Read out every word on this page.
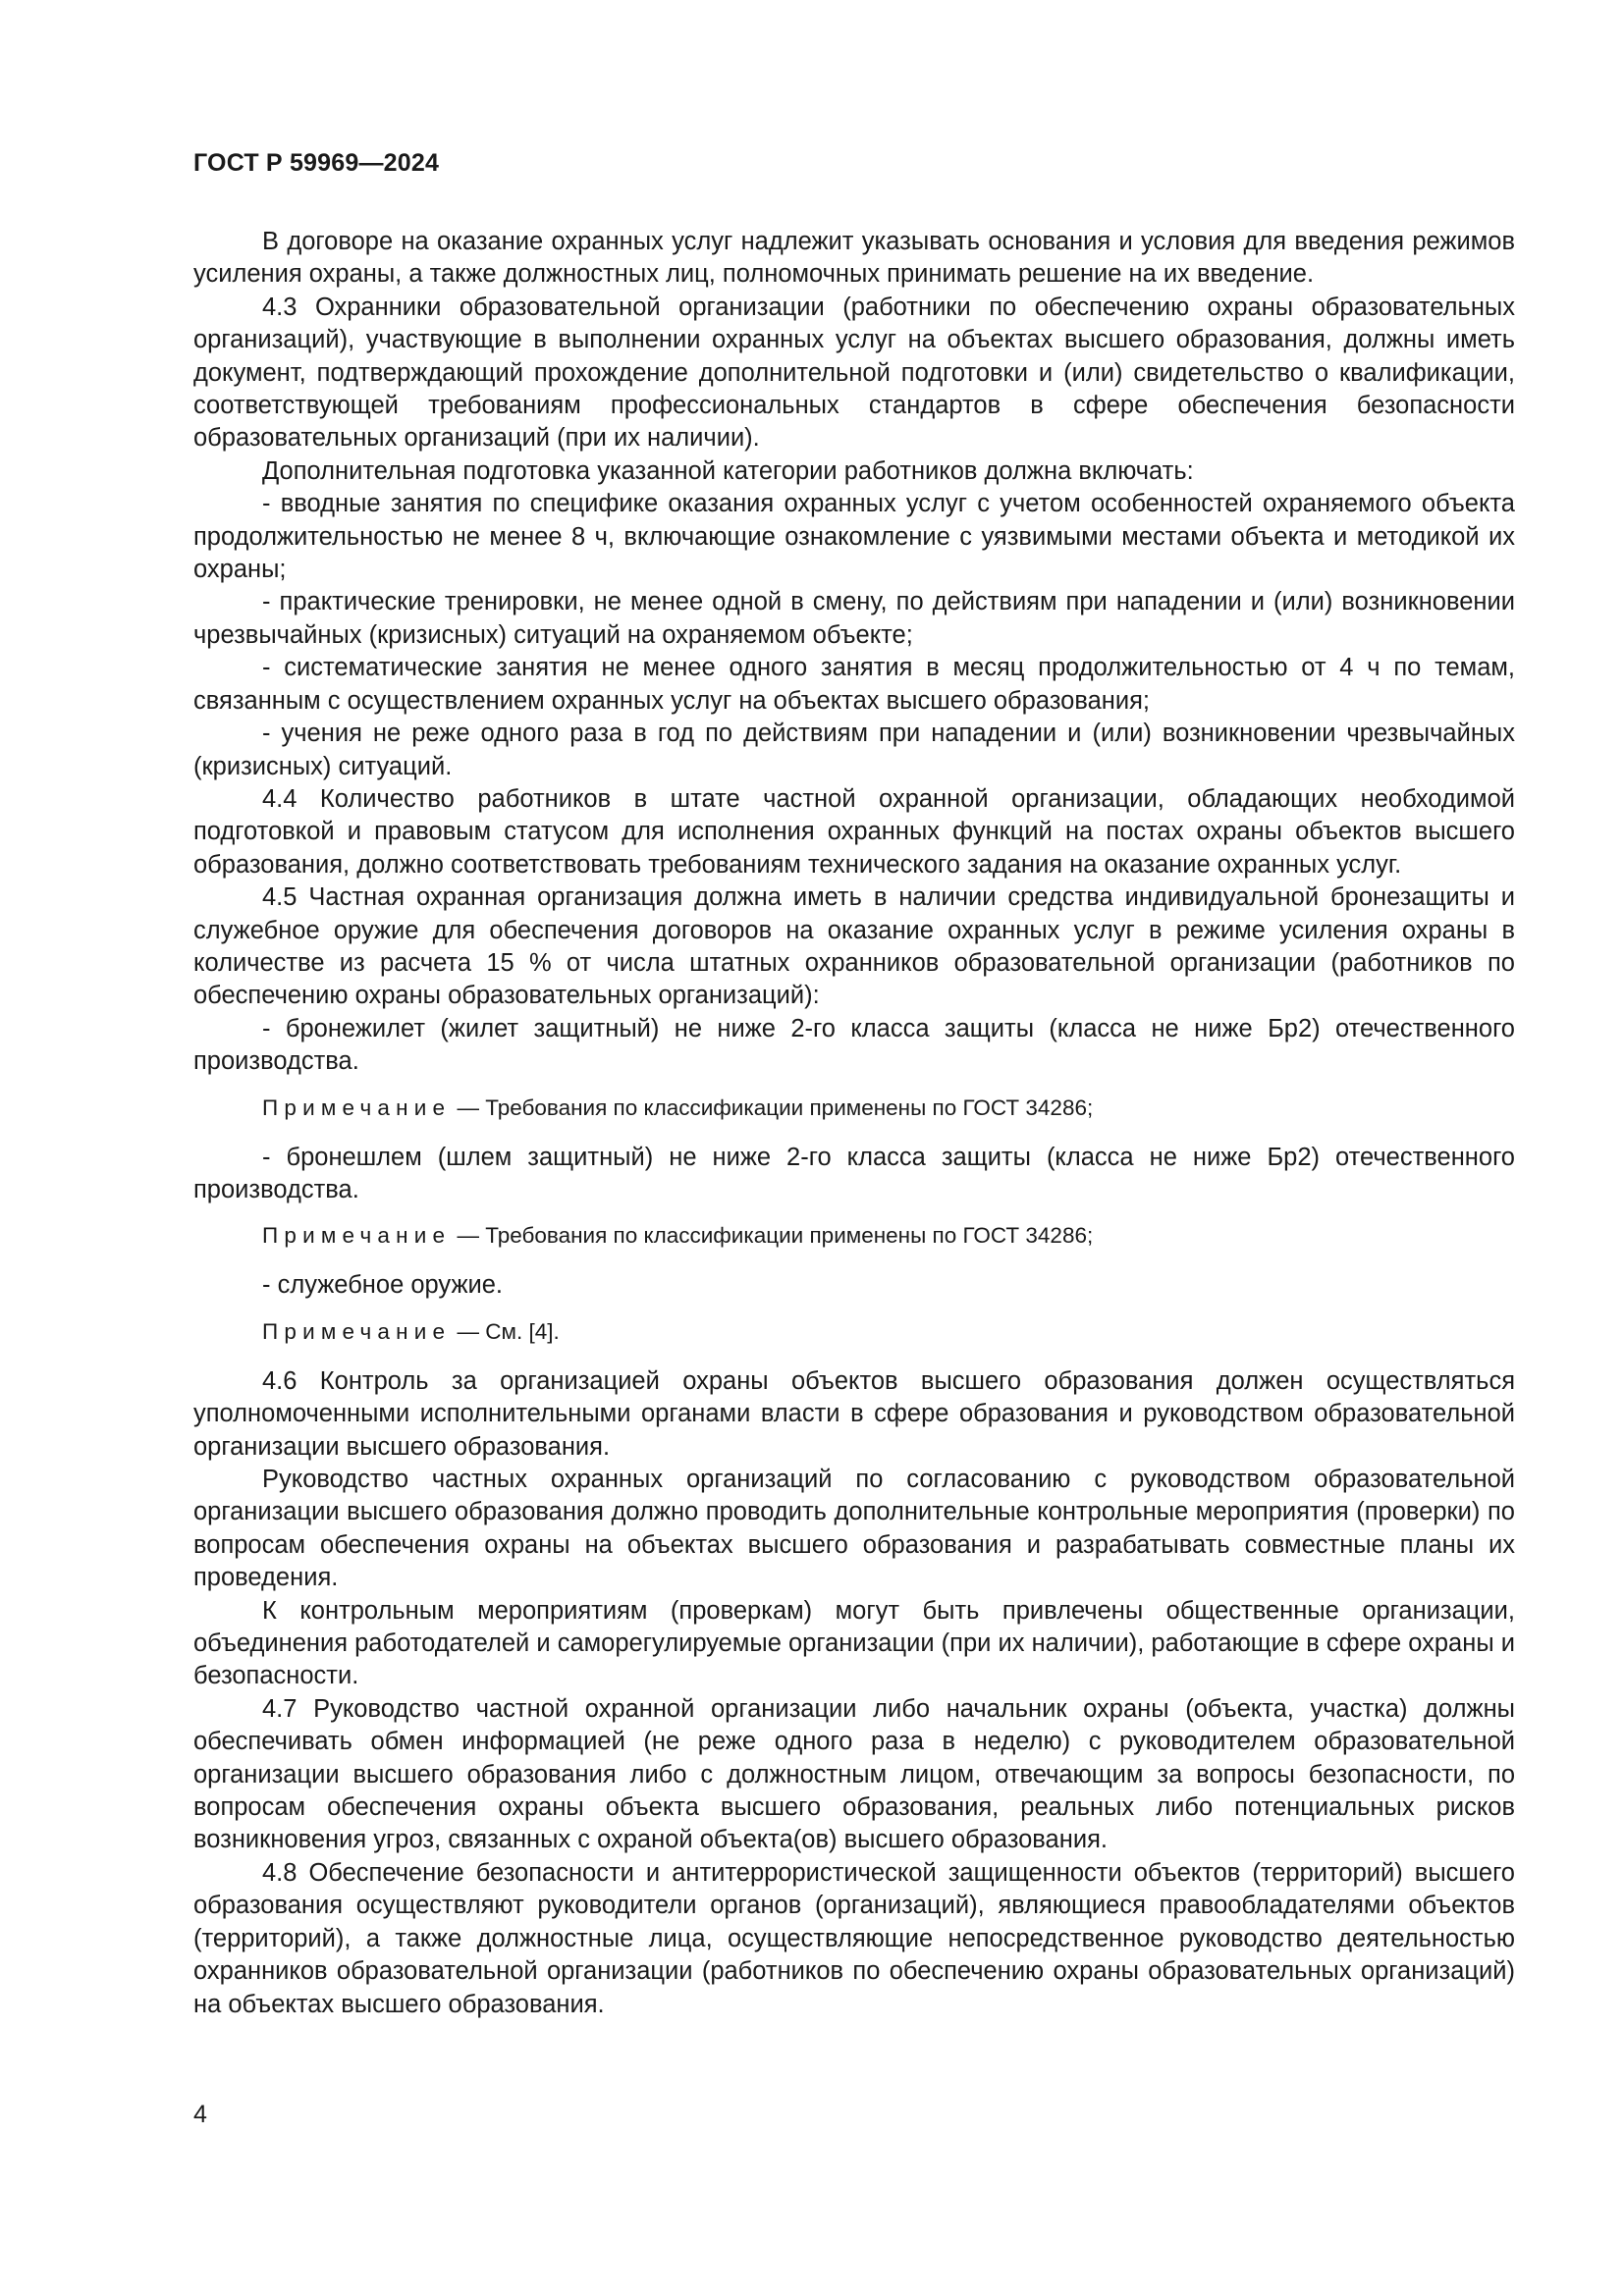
ГОСТ Р 59969—2024

В договоре на оказание охранных услуг надлежит указывать основания и условия для введения режимов усиления охраны, а также должностных лиц, полномочных принимать решение на их введение.

4.3 Охранники образовательной организации (работники по обеспечению охраны образовательных организаций), участвующие в выполнении охранных услуг на объектах высшего образования, должны иметь документ, подтверждающий прохождение дополнительной подготовки и (или) свидетельство о квалификации, соответствующей требованиям профессиональных стандартов в сфере обеспечения безопасности образовательных организаций (при их наличии).

Дополнительная подготовка указанной категории работников должна включать:

- вводные занятия по специфике оказания охранных услуг с учетом особенностей охраняемого объекта продолжительностью не менее 8 ч, включающие ознакомление с уязвимыми местами объекта и методикой их охраны;

- практические тренировки, не менее одной в смену, по действиям при нападении и (или) возникновении чрезвычайных (кризисных) ситуаций на охраняемом объекте;

- систематические занятия не менее одного занятия в месяц продолжительностью от 4 ч по темам, связанным с осуществлением охранных услуг на объектах высшего образования;

- учения не реже одного раза в год по действиям при нападении и (или) возникновении чрезвычайных (кризисных) ситуаций.

4.4 Количество работников в штате частной охранной организации, обладающих необходимой подготовкой и правовым статусом для исполнения охранных функций на постах охраны объектов высшего образования, должно соответствовать требованиям технического задания на оказание охранных услуг.

4.5 Частная охранная организация должна иметь в наличии средства индивидуальной бронезащиты и служебное оружие для обеспечения договоров на оказание охранных услуг в режиме усиления охраны в количестве из расчета 15 % от числа штатных охранников образовательной организации (работников по обеспечению охраны образовательных организаций):

- бронежилет (жилет защитный) не ниже 2-го класса защиты (класса не ниже Бр2) отечественного производства.

Примечание — Требования по классификации применены по ГОСТ 34286;

- бронешлем (шлем защитный) не ниже 2-го класса защиты (класса не ниже Бр2) отечественного производства.

Примечание — Требования по классификации применены по ГОСТ 34286;

- служебное оружие.

Примечание — См. [4].

4.6 Контроль за организацией охраны объектов высшего образования должен осуществляться уполномоченными исполнительными органами власти в сфере образования и руководством образовательной организации высшего образования.

Руководство частных охранных организаций по согласованию с руководством образовательной организации высшего образования должно проводить дополнительные контрольные мероприятия (проверки) по вопросам обеспечения охраны на объектах высшего образования и разрабатывать совместные планы их проведения.

К контрольным мероприятиям (проверкам) могут быть привлечены общественные организации, объединения работодателей и саморегулируемые организации (при их наличии), работающие в сфере охраны и безопасности.

4.7 Руководство частной охранной организации либо начальник охраны (объекта, участка) должны обеспечивать обмен информацией (не реже одного раза в неделю) с руководителем образовательной организации высшего образования либо с должностным лицом, отвечающим за вопросы безопасности, по вопросам обеспечения охраны объекта высшего образования, реальных либо потенциальных рисков возникновения угроз, связанных с охраной объекта(ов) высшего образования.

4.8 Обеспечение безопасности и антитеррористической защищенности объектов (территорий) высшего образования осуществляют руководители органов (организаций), являющиеся правообладателями объектов (территорий), а также должностные лица, осуществляющие непосредственное руководство деятельностью охранников образовательной организации (работников по обеспечению охраны образовательных организаций) на объектах высшего образования.

4
